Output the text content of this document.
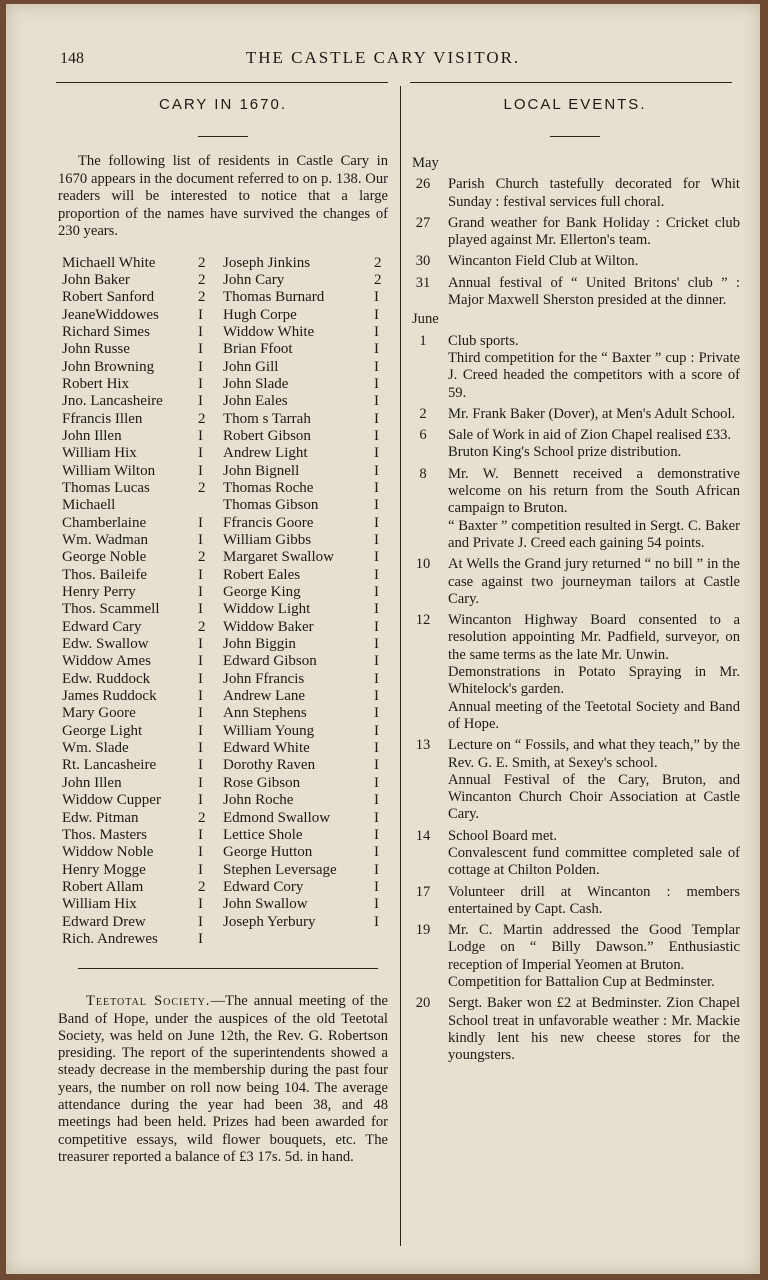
148	THE CASTLE CARY VISITOR.
CARY IN 1670.
The following list of residents in Castle Cary in 1670 appears in the document referred to on p. 138. Our readers will be interested to notice that a large proportion of the names have survived the changes of 230 years.
Michaell White	2 Joseph Jinkins	2
John Baker	2 John Cary	2
Robert Sanford	2 Thomas Burnard	I
JeaneWiddowes	I Hugh Corpe	I
Richard Simes	I Widdow White	I
John Russe	I Brian Ffoot	I
John Browning	I John Gill	I
Robert Hix	I John Slade	I
Jno. Lancasheire I John Eales	I
Ffrancis Illen	2 Thom s Tarrah	I
John Illen	I Robert Gibson	I
William Hix	I Andrew Light	I
William Wilton	I John Bignell	I
Thomas Lucas	2 Thomas Roche	I
Michaell	Thomas Gibson	I
Chamberlaine	I Ffrancis Goore	I
Wm. Wadman	I William Gibbs	I
George Noble	2 Margaret Swallow	I
Thos. Baileife	I Robert Eales	I
Henry Perry	I George King	I
Thos. Scammell	I Widdow Light	I
Edward Cary	2 Widdow Baker	I
Edw. Swallow	I John Biggin	I
Widdow Ames	I Edward Gibson	I
Edw. Ruddock	I John Ffrancis	I
James Ruddock	I Andrew Lane	I
Mary Goore	I Ann Stephens	I
George Light	I William Young	I
Wm. Slade	I Edward White	I
Rt. Lancasheire	I Dorothy Raven	I
John Illen	I Rose Gibson	I
Widdow Cupper I John Roche	I
Edw. Pitman	2 Edmond Swallow	I
Thos. Masters	I Lettice Shole	I
Widdow Noble	I George Hutton	I
Henry Mogge	I Stephen Leversage I
Robert Allam	2 Edward Cory	I
William Hix	I John Swallow	I
Edward Drew	I Joseph Yerbury	I
Rich. Andrewes	I
Teetotal Society.—The annual meeting of the Band of Hope, under the auspices of the old Teetotal Society, was held on June 12th, the Rev. G. Robertson presiding. The report of the superintendents showed a steady decrease in the membership during the past four years, the number on roll now being 104. The average attendance during the year had been 38, and 48 meetings had been held. Prizes had been awarded for competitive essays, wild flower bouquets, etc. The treasurer reported a balance of £3 17s. 5d. in hand.
LOCAL EVENTS.
May
26	Parish Church tastefully decorated for Whit Sunday : festival services full choral.

27	Grand weather for Bank Holiday : Cricket club played against Mr. Ellerton's team.

30	Wincanton Field Club at Wilton.

31	Annual festival of “ United Britons' club ” : Major Maxwell Sherston presided at the dinner.

June
1	Club sports.

Third competition for the “ Baxter ” cup : Private J. Creed headed the competitors with a score of 59.

2	Mr. Frank Baker (Dover), at Men's Adult School.

6	Sale of Work in aid of Zion Chapel realised £33.

Bruton King's School prize distribution.

8	Mr. W. Bennett received a demonstrative welcome on his return from the South African campaign to Bruton.

“ Baxter ” competition resulted in Sergt. C. Baker and Private J. Creed each gaining 54 points.

10	At Wells the Grand jury returned “ no bill ” in the case against two journeyman tailors at Castle Cary.

12	Wincanton Highway Board consented to a resolution appointing Mr. Padfield, surveyor, on the same terms as the late Mr. Unwin.

Demonstrations in Potato Spraying in Mr. Whitelock's garden.

Annual meeting of the Teetotal Society and Band of Hope.

13	Lecture on “ Fossils, and what they teach,” by the Rev. G. E. Smith, at Sexey's school.

Annual Festival of the Cary, Bruton, and Wincanton Church Choir Association at Castle Cary.

14	School Board met.

Convalescent fund committee completed sale of cottage at Chilton Polden.

17	Volunteer drill at Wincanton : members entertained by Capt. Cash.

19	Mr. C. Martin addressed the Good Templar Lodge on “ Billy Dawson.” Enthusiastic reception of Imperial Yeomen at Bruton.

Competition for Battalion Cup at Bedminster.

20	Sergt. Baker won £2 at Bedminster. Zion Chapel School treat in unfavorable weather : Mr. Mackie kindly lent his new cheese stores for the youngsters.
